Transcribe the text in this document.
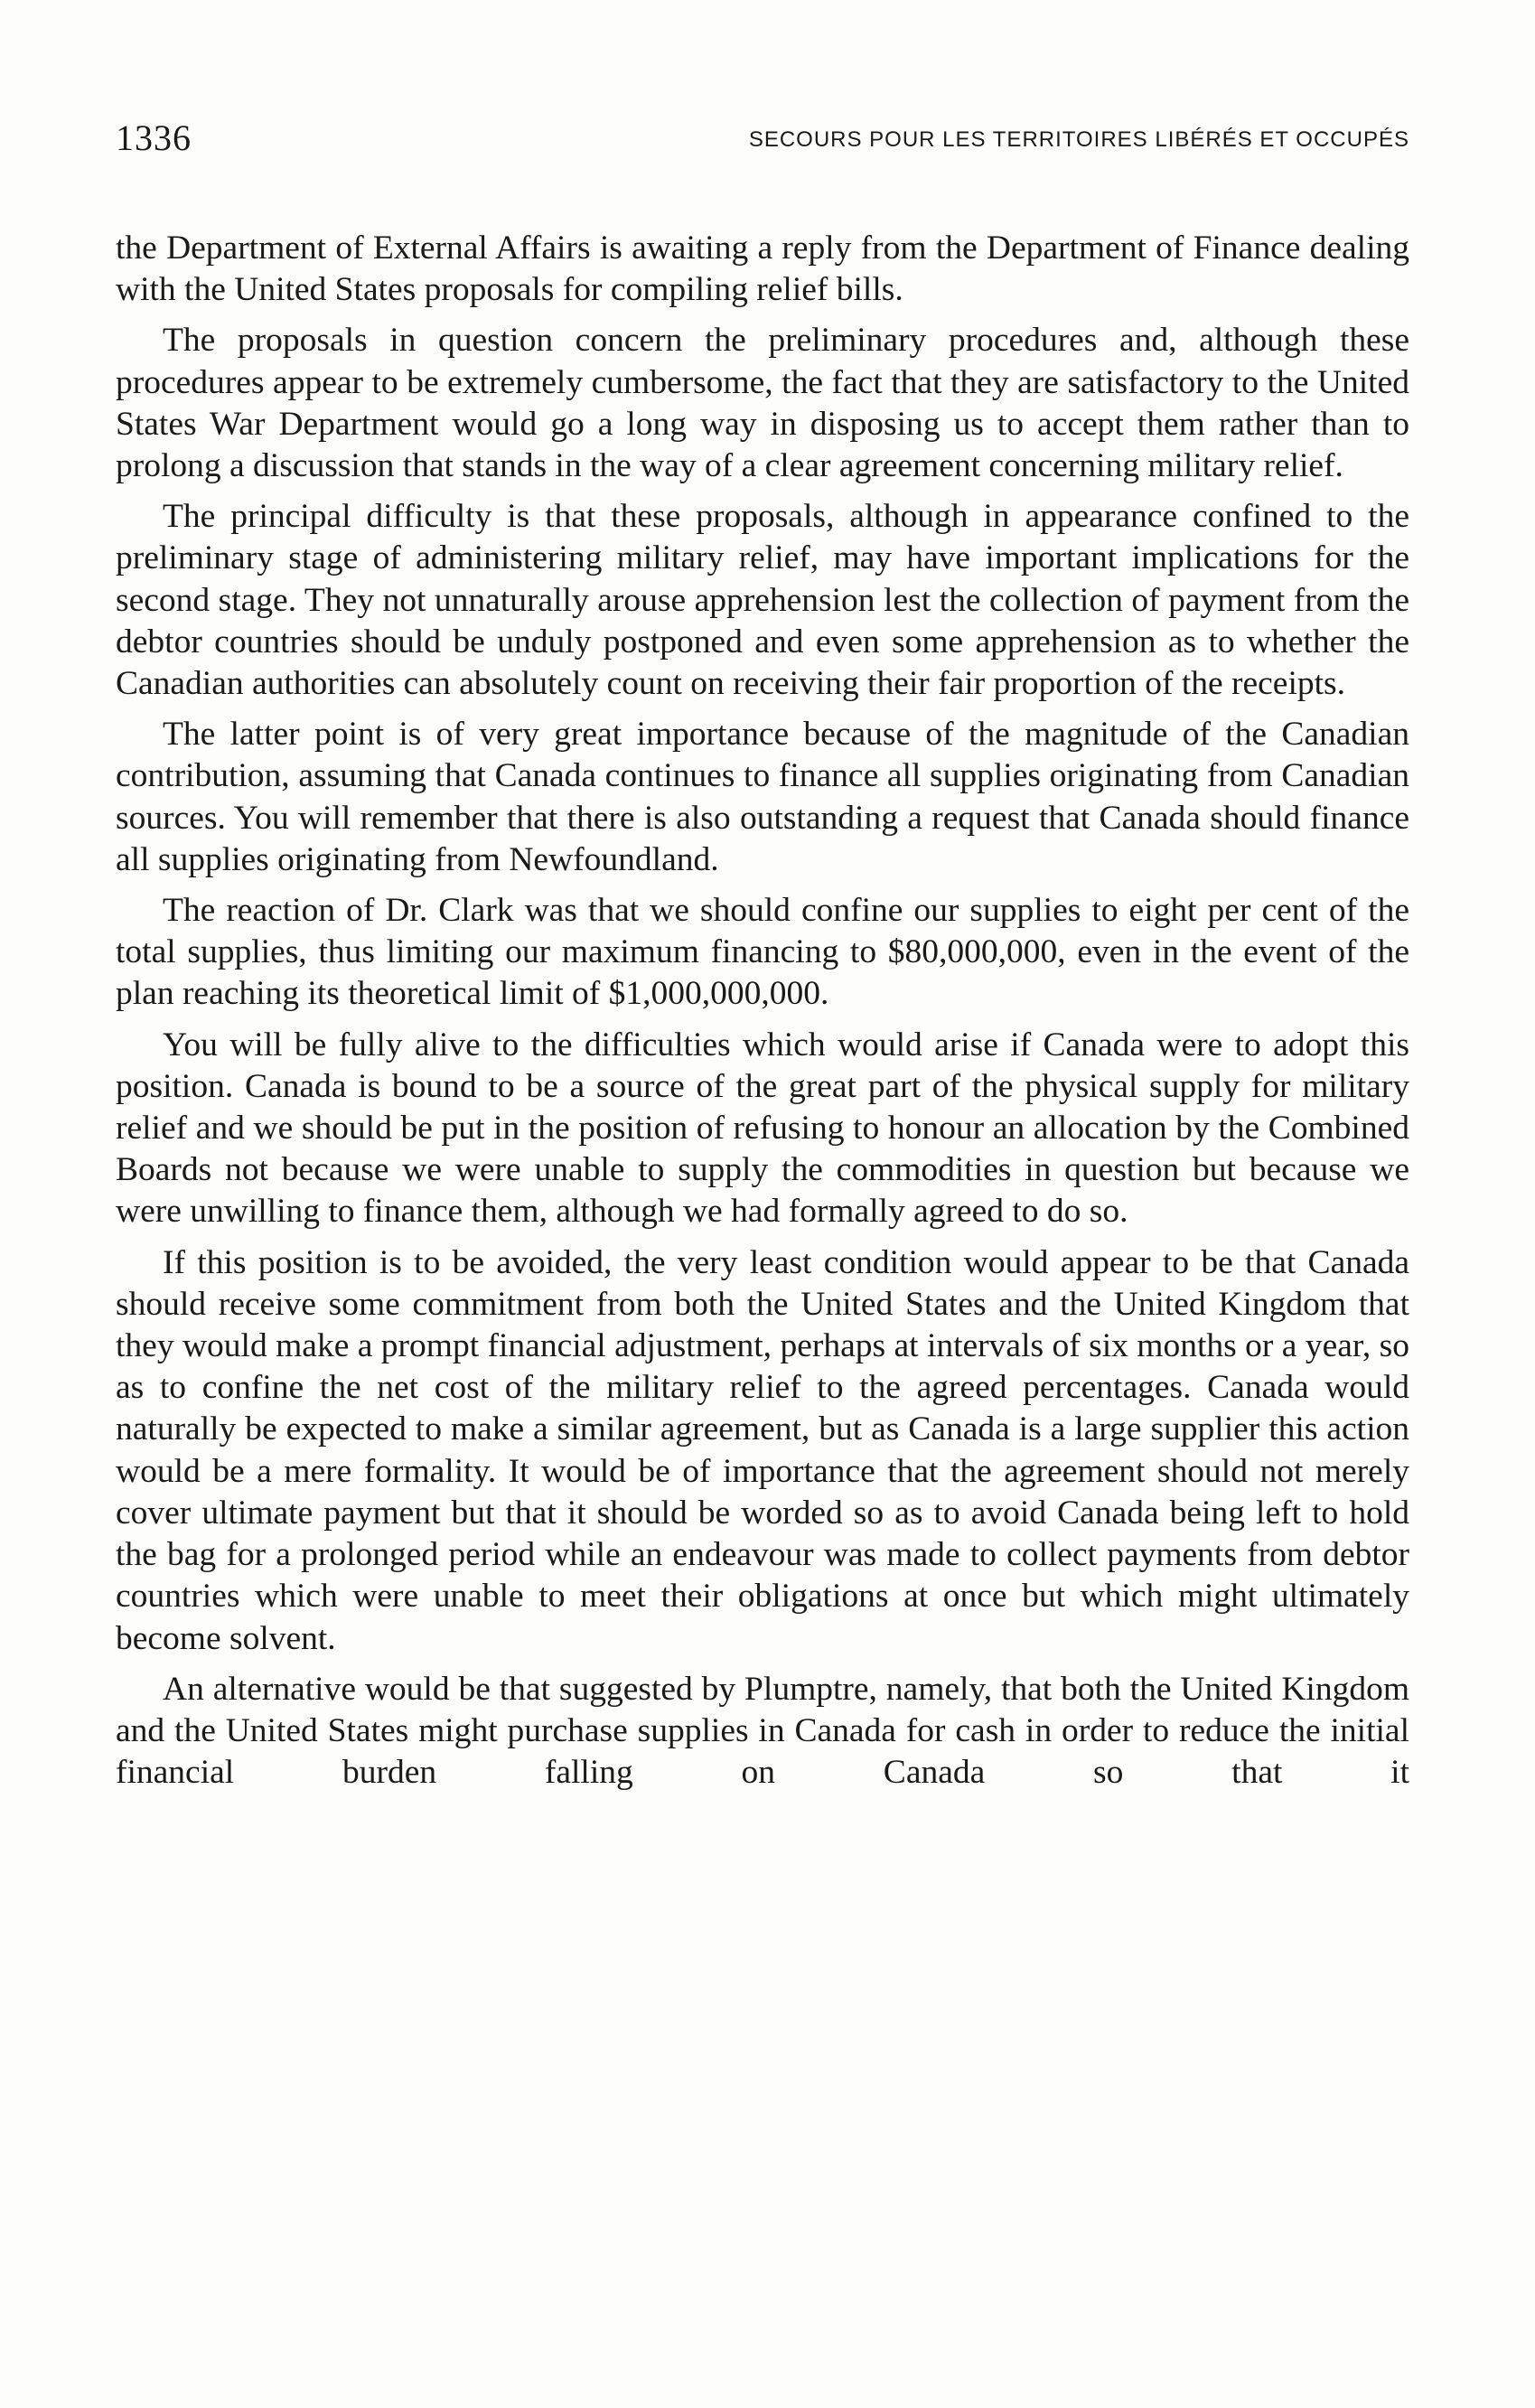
1336	SECOURS POUR LES TERRITOIRES LIBÉRÉS ET OCCUPÉS

the Department of External Affairs is awaiting a reply from the Department of Finance dealing with the United States proposals for compiling relief bills.

The proposals in question concern the preliminary procedures and, although these procedures appear to be extremely cumbersome, the fact that they are satisfactory to the United States War Department would go a long way in disposing us to accept them rather than to prolong a discussion that stands in the way of a clear agreement concerning military relief.

The principal difficulty is that these proposals, although in appearance confined to the preliminary stage of administering military relief, may have important implications for the second stage. They not unnaturally arouse apprehension lest the collection of payment from the debtor countries should be unduly postponed and even some apprehension as to whether the Canadian authorities can absolutely count on receiving their fair proportion of the receipts.

The latter point is of very great importance because of the magnitude of the Canadian contribution, assuming that Canada continues to finance all supplies originating from Canadian sources. You will remember that there is also outstanding a request that Canada should finance all supplies originating from Newfoundland.

The reaction of Dr. Clark was that we should confine our supplies to eight per cent of the total supplies, thus limiting our maximum financing to $80,000,000, even in the event of the plan reaching its theoretical limit of $1,000,000,000.

You will be fully alive to the difficulties which would arise if Canada were to adopt this position. Canada is bound to be a source of the great part of the physical supply for military relief and we should be put in the position of refusing to honour an allocation by the Combined Boards not because we were unable to supply the commodities in question but because we were unwilling to finance them, although we had formally agreed to do so.

If this position is to be avoided, the very least condition would appear to be that Canada should receive some commitment from both the United States and the United Kingdom that they would make a prompt financial adjustment, perhaps at intervals of six months or a year, so as to confine the net cost of the military relief to the agreed percentages. Canada would naturally be expected to make a similar agreement, but as Canada is a large supplier this action would be a mere formality. It would be of importance that the agreement should not merely cover ultimate payment but that it should be worded so as to avoid Canada being left to hold the bag for a prolonged period while an endeavour was made to collect payments from debtor countries which were unable to meet their obligations at once but which might ultimately become solvent.

An alternative would be that suggested by Plumptre, namely, that both the United Kingdom and the United States might purchase supplies in Canada for cash in order to reduce the initial financial burden falling on Canada so that it
